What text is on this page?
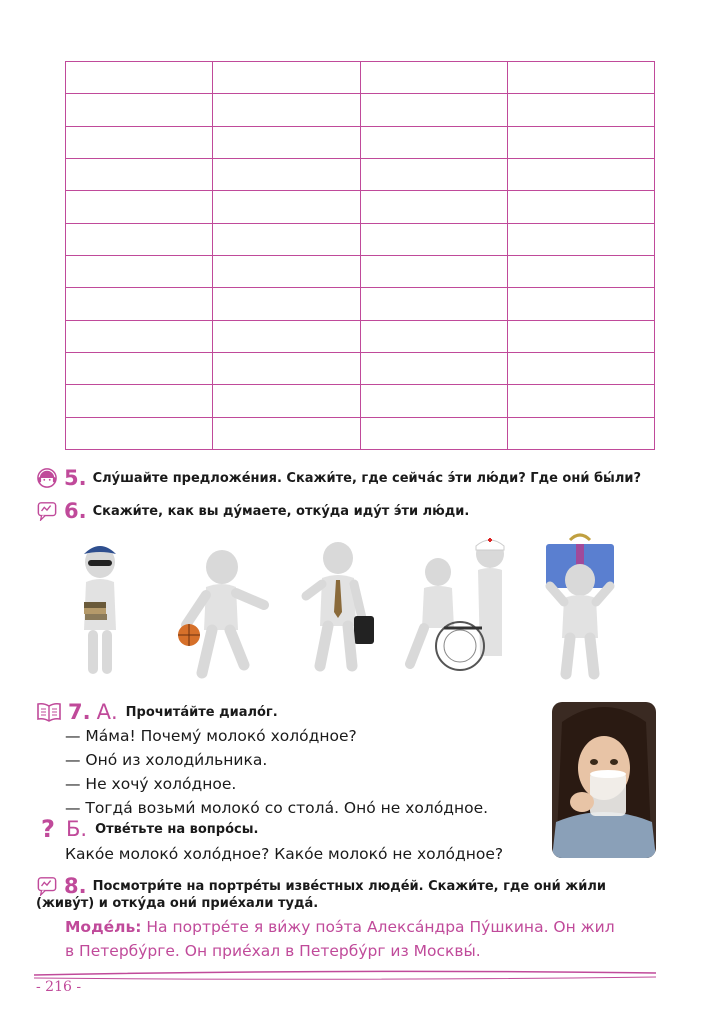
5. Слу́шайте предложе́ния. Скажи́те, где сейча́с э́ти лю́ди? Где они́ бы́ли?
6. Скажи́те, как вы ду́маете, отку́да иду́т э́ти лю́ди.
7. А. Прочита́йте диало́г.
— Ма́ма! Почему́ молоко́ холо́дное?
— Оно́ из холоди́льника.
— Не хочу́ холо́дное.
— Тогда́ возьми́ молоко́ со стола́. Оно́ не холо́дное.
? Б. Отве́тьте на вопро́сы.
Како́е молоко́ холо́дное? Како́е молоко́ не холо́дное?
8. Посмотри́те на портре́ты изве́стных люде́й. Скажи́те, где они́ жи́ли
(живу́т) и отку́да они́ прие́хали туда́.
Моде́ль: На портре́те я ви́жу поэ́та Алекса́ндра Пу́шкина. Он жил
в Петербу́рге. Он прие́хал в Петербу́рг из Москвы́.
- 216 -
